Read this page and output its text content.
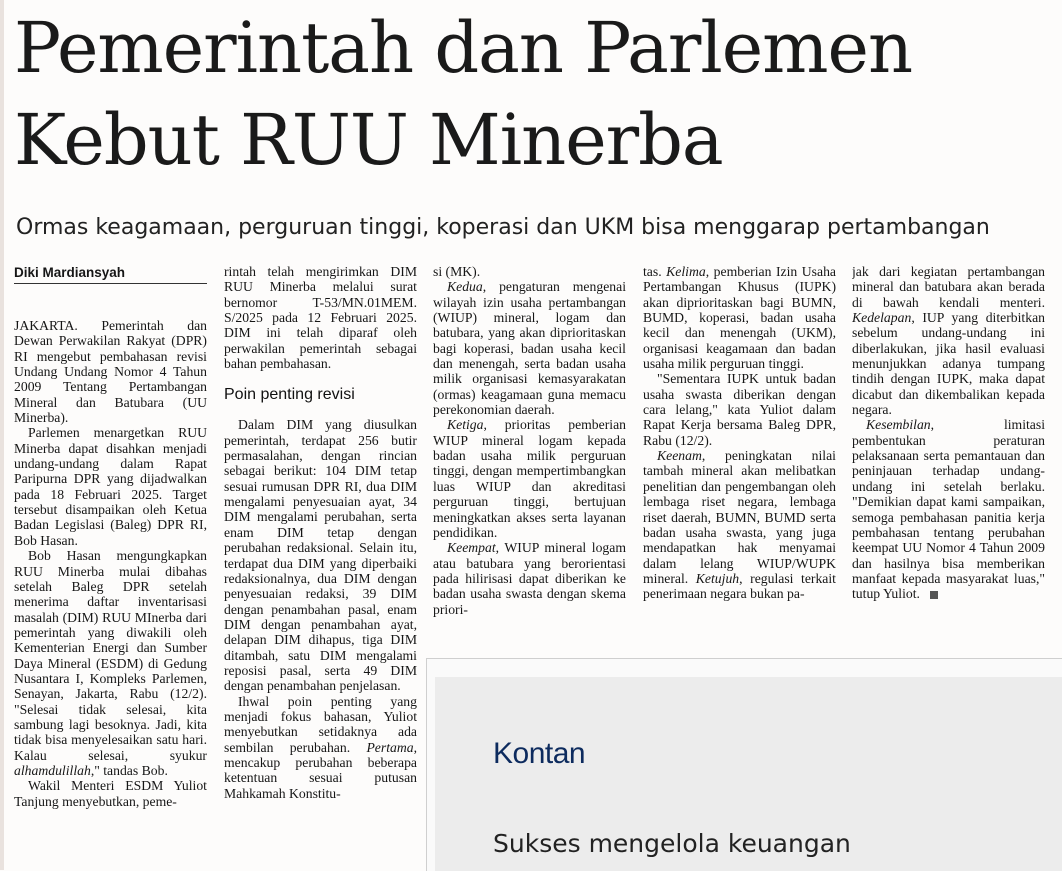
Pemerintah dan Parlemen
Kebut RUU Minerba

Ormas keagamaan, perguruan tinggi, koperasi dan UKM bisa menggarap pertambangan

Diki Mardiansyah

JAKARTA. Pemerintah dan Dewan Perwakilan Rakyat (DPR) RI mengebut pembahasan revisi Undang Undang Nomor 4 Tahun 2009 Tentang Pertambangan Mineral dan Batubara (UU Minerba).

Parlemen menargetkan RUU Minerba dapat disahkan menjadi undang-undang dalam Rapat Paripurna DPR yang dijadwalkan pada 18 Februari 2025. Target tersebut disampaikan oleh Ketua Badan Legislasi (Baleg) DPR RI, Bob Hasan.

Bob Hasan mengungkapkan RUU Minerba mulai dibahas setelah Baleg DPR setelah menerima daftar inventarisasi masalah (DIM) RUU MInerba dari pemerintah yang diwakili oleh Kementerian Energi dan Sumber Daya Mineral (ESDM) di Gedung Nusantara I, Kompleks Parlemen, Senayan, Jakarta, Rabu (12/2). "Selesai tidak selesai, kita sambung lagi besoknya. Jadi, kita tidak bisa menyelesaikan satu hari. Kalau selesai, syukur alhamdulillah," tandas Bob.

Wakil Menteri ESDM Yuliot Tanjung menyebutkan, peme-

rintah telah mengirimkan DIM RUU Minerba melalui surat bernomor T-53/MN.01MEM. S/2025 pada 12 Februari 2025. DIM ini telah diparaf oleh perwakilan pemerintah sebagai bahan pembahasan.

Poin penting revisi

Dalam DIM yang diusulkan pemerintah, terdapat 256 butir permasalahan, dengan rincian sebagai berikut: 104 DIM tetap sesuai rumusan DPR RI, dua DIM mengalami penyesuaian ayat, 34 DIM mengalami perubahan, serta enam DIM tetap dengan perubahan redaksional. Selain itu, terdapat dua DIM yang diperbaiki redaksionalnya, dua DIM dengan penyesuaian redaksi, 39 DIM dengan penambahan pasal, enam DIM dengan penambahan ayat, delapan DIM dihapus, tiga DIM ditambah, satu DIM mengalami reposisi pasal, serta 49 DIM dengan penambahan penjelasan.

Ihwal poin penting yang menjadi fokus bahasan, Yuliot menyebutkan setidaknya ada sembilan perubahan. Pertama, mencakup perubahan beberapa ketentuan sesuai putusan Mahkamah Konstitu-

si (MK).

Kedua, pengaturan mengenai wilayah izin usaha pertambangan (WIUP) mineral, logam dan batubara, yang akan diprioritaskan bagi koperasi, badan usaha kecil dan menengah, serta badan usaha milik organisasi kemasyarakatan (ormas) keagamaan guna memacu perekonomian daerah.

Ketiga, prioritas pemberian WIUP mineral logam kepada badan usaha milik perguruan tinggi, dengan mempertimbangkan luas WIUP dan akreditasi perguruan tinggi, bertujuan meningkatkan akses serta layanan pendidikan.

Keempat, WIUP mineral logam atau batubara yang berorientasi pada hilirisasi dapat diberikan ke badan usaha swasta dengan skema priori-

tas. Kelima, pemberian Izin Usaha Pertambangan Khusus (IUPK) akan diprioritaskan bagi BUMN, BUMD, koperasi, badan usaha kecil dan menengah (UKM), organisasi keagamaan dan badan usaha milik perguruan tinggi.

"Sementara IUPK untuk badan usaha swasta diberikan dengan cara lelang," kata Yuliot dalam Rapat Kerja bersama Baleg DPR, Rabu (12/2).

Keenam, peningkatan nilai tambah mineral akan melibatkan penelitian dan pengembangan oleh lembaga riset negara, lembaga riset daerah, BUMN, BUMD serta badan usaha swasta, yang juga mendapatkan hak menyamai dalam lelang WIUP/WUPK mineral. Ketujuh, regulasi terkait penerimaan negara bukan pa-

jak dari kegiatan pertambangan mineral dan batubara akan berada di bawah kendali menteri. Kedelapan, IUP yang diterbitkan sebelum undang-undang ini diberlakukan, jika hasil evaluasi menunjukkan adanya tumpang tindih dengan IUPK, maka dapat dicabut dan dikembalikan kepada negara.

Kesembilan, limitasi pembentukan peraturan pelaksanaan serta pemantauan dan peninjauan terhadap undang-undang ini setelah berlaku. "Demikian dapat kami sampaikan, semoga pembahasan panitia kerja pembahasan tentang perubahan keempat UU Nomor 4 Tahun 2009 dan hasilnya bisa memberikan manfaat kepada masyarakat luas," tutup Yuliot.

Kontan
Sukses mengelola keuangan
